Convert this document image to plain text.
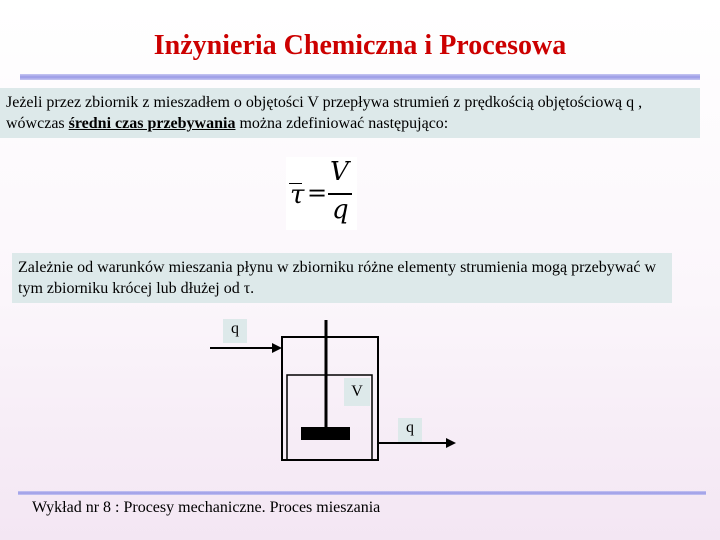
Inżynieria Chemiczna i Procesowa
Jeżeli przez zbiornik z mieszadłem o objętości V przepływa strumień z prędkością objętościową q , wówczas średni czas przebywania można zdefiniować następująco:
τ =
V
q
Zależnie od warunków mieszania płynu w zbiorniku różne elementy strumienia mogą przebywać w tym zbiorniku krócej lub dłużej od τ.
q
V
q
Wykład nr 8 : Procesy mechaniczne. Proces mieszania
